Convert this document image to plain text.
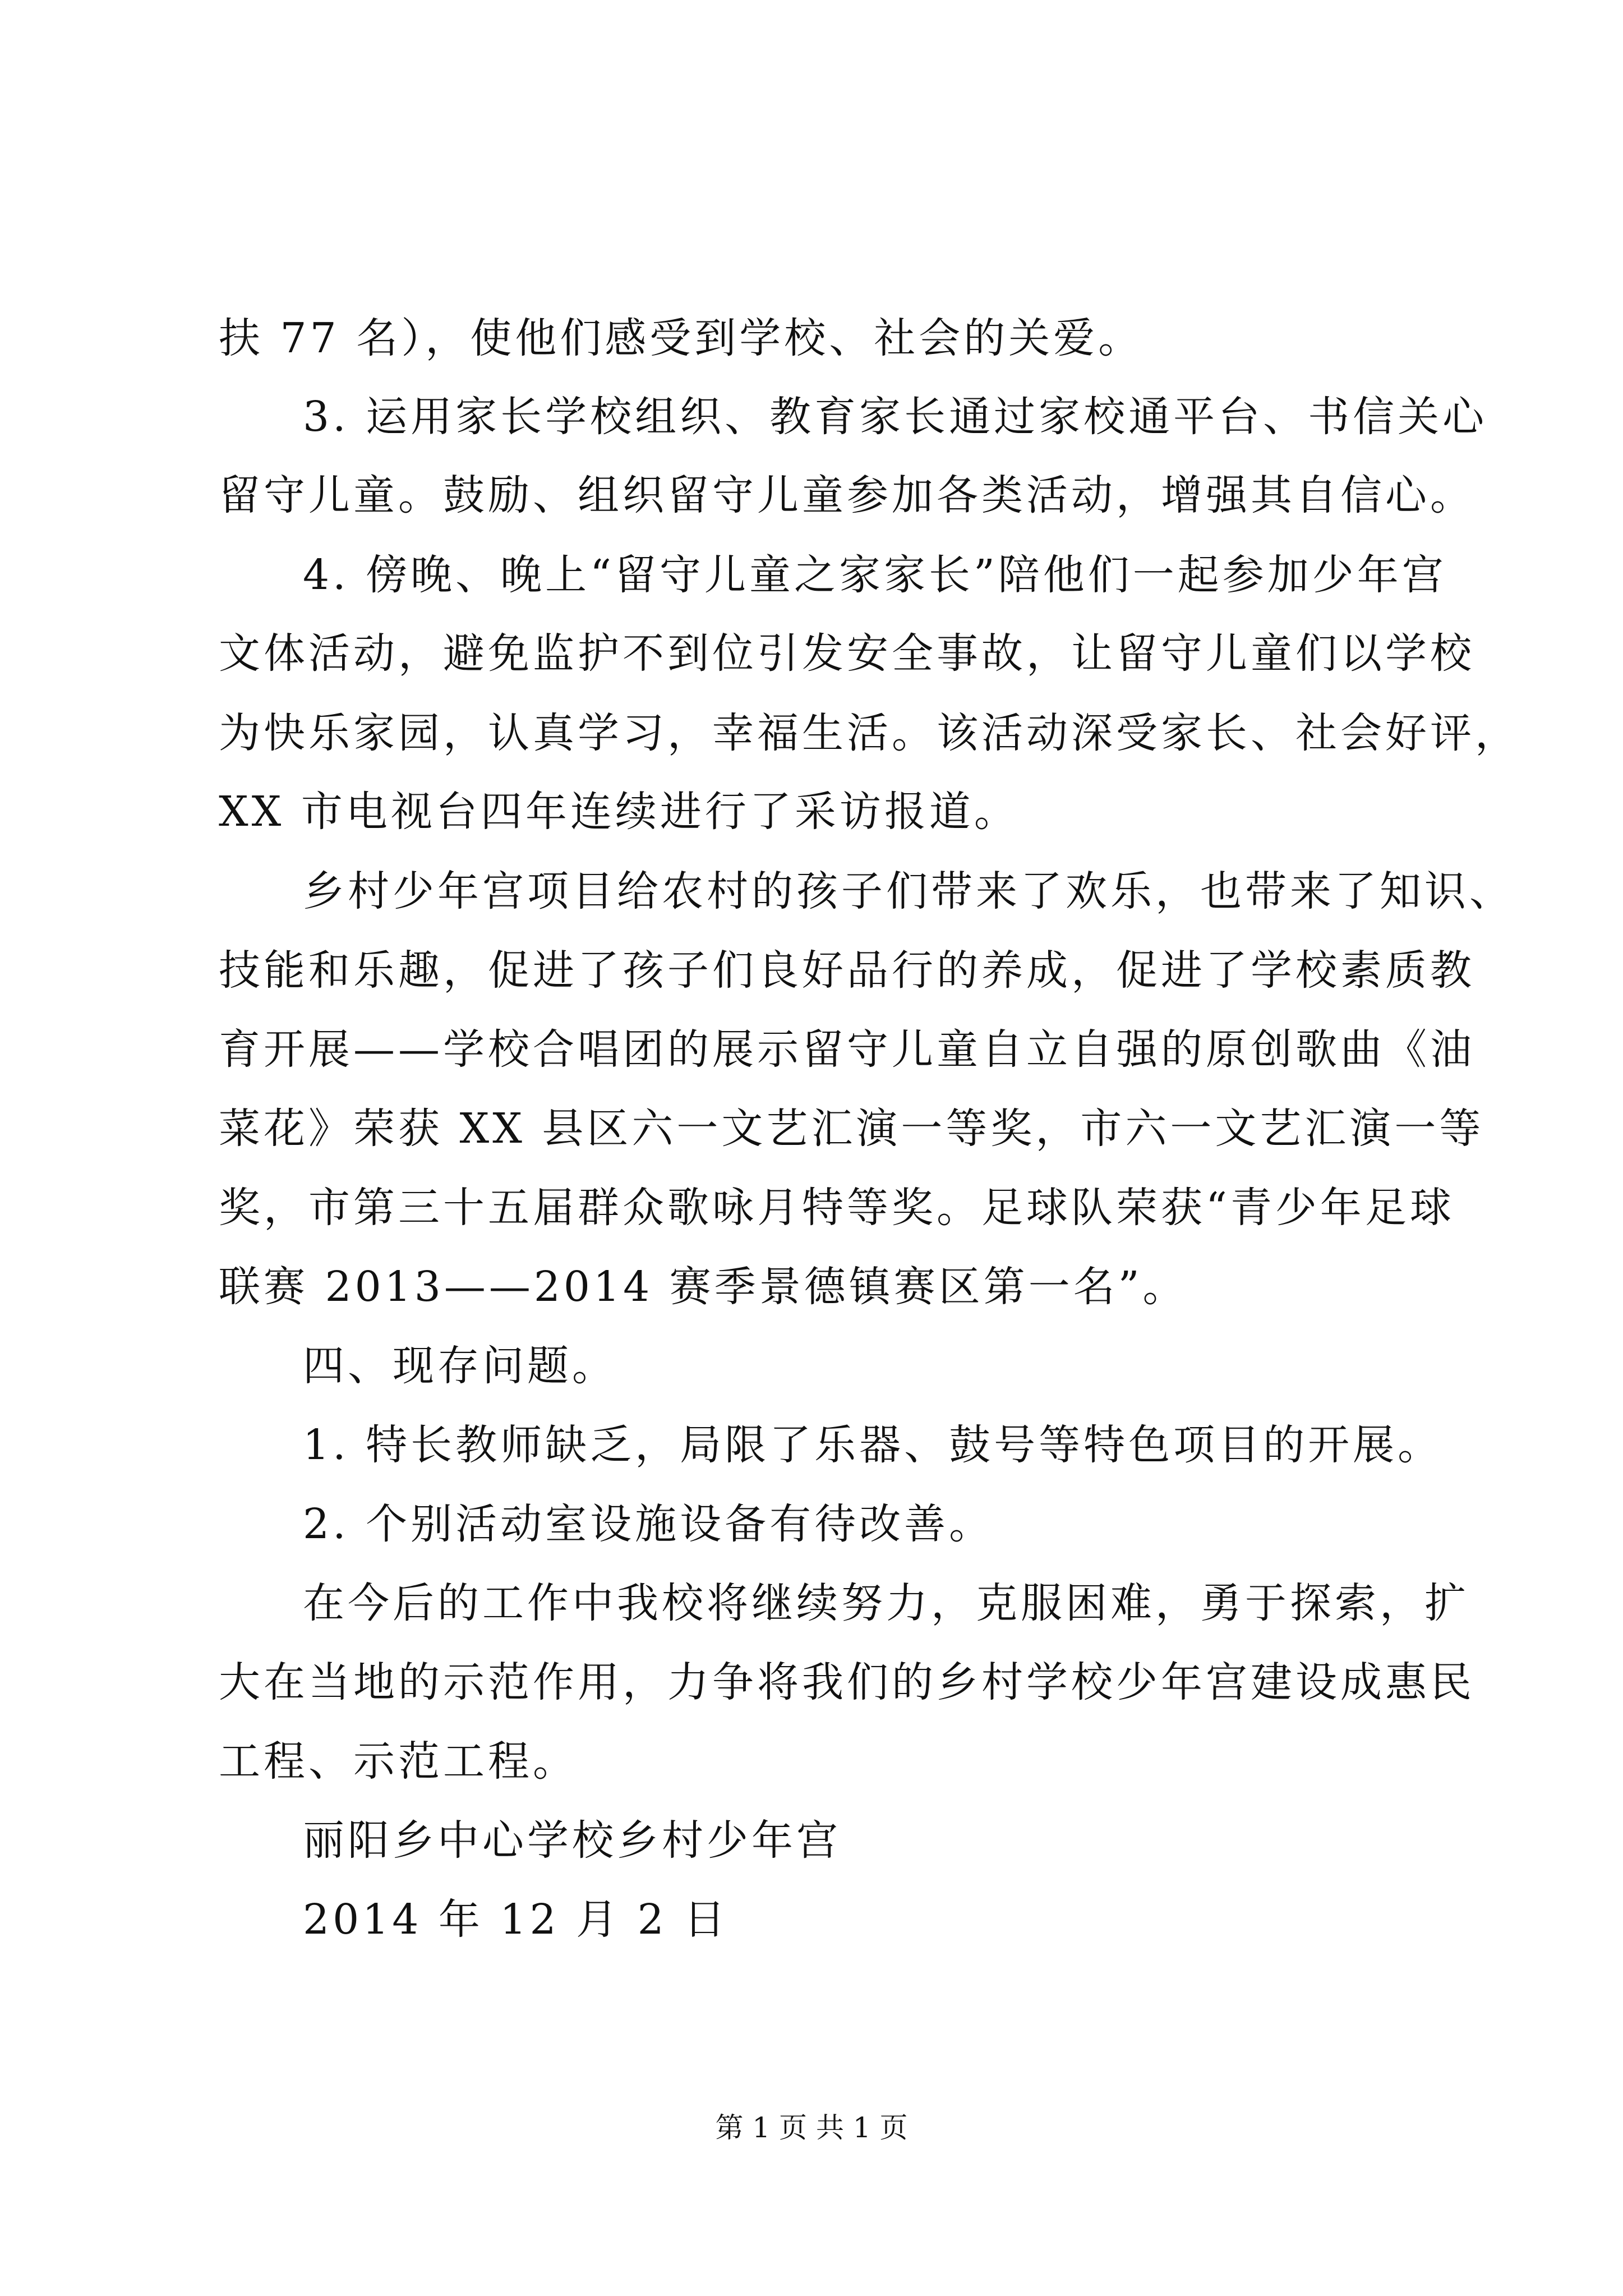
扶 77 名），使他们感受到学校、社会的关爱。
3. 运用家长学校组织、教育家长通过家校通平台、书信关心
留守儿童。鼓励、组织留守儿童参加各类活动，增强其自信心。
4. 傍晚、晚上“留守儿童之家家长”陪他们一起参加少年宫
文体活动，避免监护不到位引发安全事故，让留守儿童们以学校
为快乐家园，认真学习，幸福生活。该活动深受家长、社会好评，
XX 市电视台四年连续进行了采访报道。
乡村少年宫项目给农村的孩子们带来了欢乐，也带来了知识、
技能和乐趣，促进了孩子们良好品行的养成，促进了学校素质教
育开展——学校合唱团的展示留守儿童自立自强的原创歌曲《油
菜花》荣获 XX 县区六一文艺汇演一等奖，市六一文艺汇演一等
奖，市第三十五届群众歌咏月特等奖。足球队荣获“青少年足球
联赛 2013——2014 赛季景德镇赛区第一名”。
四、现存问题。
1. 特长教师缺乏，局限了乐器、鼓号等特色项目的开展。
2. 个别活动室设施设备有待改善。
在今后的工作中我校将继续努力，克服困难，勇于探索，扩
大在当地的示范作用，力争将我们的乡村学校少年宫建设成惠民
工程、示范工程。
丽阳乡中心学校乡村少年宫
2014 年 12 月 2 日
第 1 页 共 1 页
